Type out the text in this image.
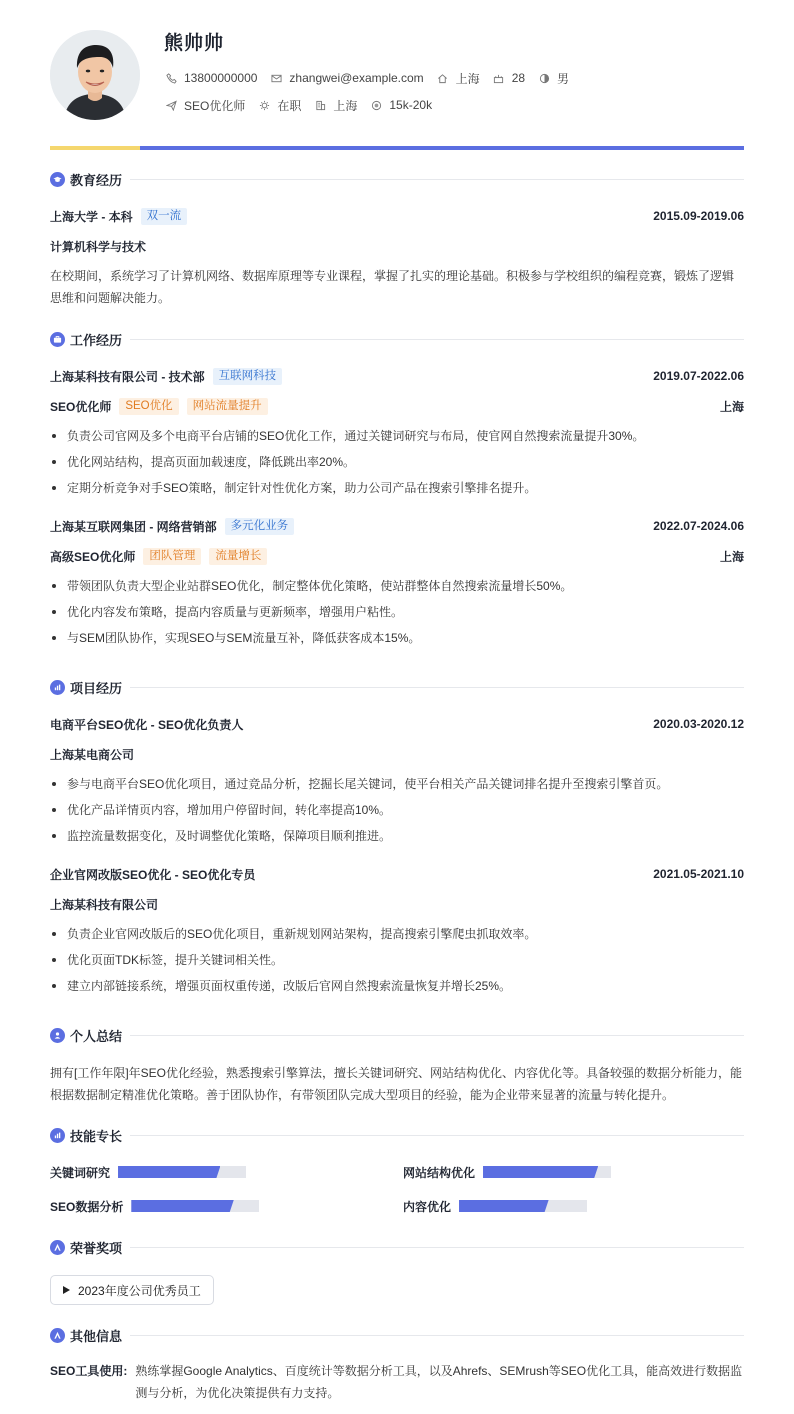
熊帅帅
13800000000	zhangwei@example.com	上海	28	男
SEO优化师	在职	上海	15k-20k
教育经历
上海大学 - 本科	双一流	2015.09-2019.06
计算机科学与技术
在校期间，系统学习了计算机网络、数据库原理等专业课程，掌握了扎实的理论基础。积极参与学校组织的编程竞赛，锻炼了逻辑思维和问题解决能力。
工作经历
上海某科技有限公司 - 技术部	互联网科技	2019.07-2022.06
SEO优化师	SEO优化	网站流量提升	上海
负责公司官网及多个电商平台店铺的SEO优化工作，通过关键词研究与布局，使官网自然搜索流量提升30%。
优化网站结构，提高页面加载速度，降低跳出率20%。
定期分析竞争对手SEO策略，制定针对性优化方案，助力公司产品在搜索引擎排名提升。
上海某互联网集团 - 网络营销部	多元化业务	2022.07-2024.06
高级SEO优化师	团队管理	流量增长	上海
带领团队负责大型企业站群SEO优化，制定整体优化策略，使站群整体自然搜索流量增长50%。
优化内容发布策略，提高内容质量与更新频率，增强用户粘性。
与SEM团队协作，实现SEO与SEM流量互补，降低获客成本15%。
项目经历
电商平台SEO优化 - SEO优化负责人	2020.03-2020.12
上海某电商公司
参与电商平台SEO优化项目，通过竞品分析，挖掘长尾关键词，使平台相关产品关键词排名提升至搜索引擎首页。
优化产品详情页内容，增加用户停留时间，转化率提高10%。
监控流量数据变化，及时调整优化策略，保障项目顺利推进。
企业官网改版SEO优化 - SEO优化专员	2021.05-2021.10
上海某科技有限公司
负责企业官网改版后的SEO优化项目，重新规划网站架构，提高搜索引擎爬虫抓取效率。
优化页面TDK标签，提升关键词相关性。
建立内部链接系统，增强页面权重传递，改版后官网自然搜索流量恢复并增长25%。
个人总结
拥有[工作年限]年SEO优化经验，熟悉搜索引擎算法，擅长关键词研究、网站结构优化、内容优化等。具备较强的数据分析能力，能根据数据制定精准优化策略。善于团队协作，有带领团队完成大型项目的经验，能为企业带来显著的流量与转化提升。
技能专长
关键词研究	网站结构优化
SEO数据分析	内容优化
荣誉奖项
2023年度公司优秀员工
其他信息
SEO工具使用: 熟练掌握Google Analytics、百度统计等数据分析工具，以及Ahrefs、SEMrush等SEO优化工具，能高效进行数据监测与分析，为优化决策提供有力支持。
